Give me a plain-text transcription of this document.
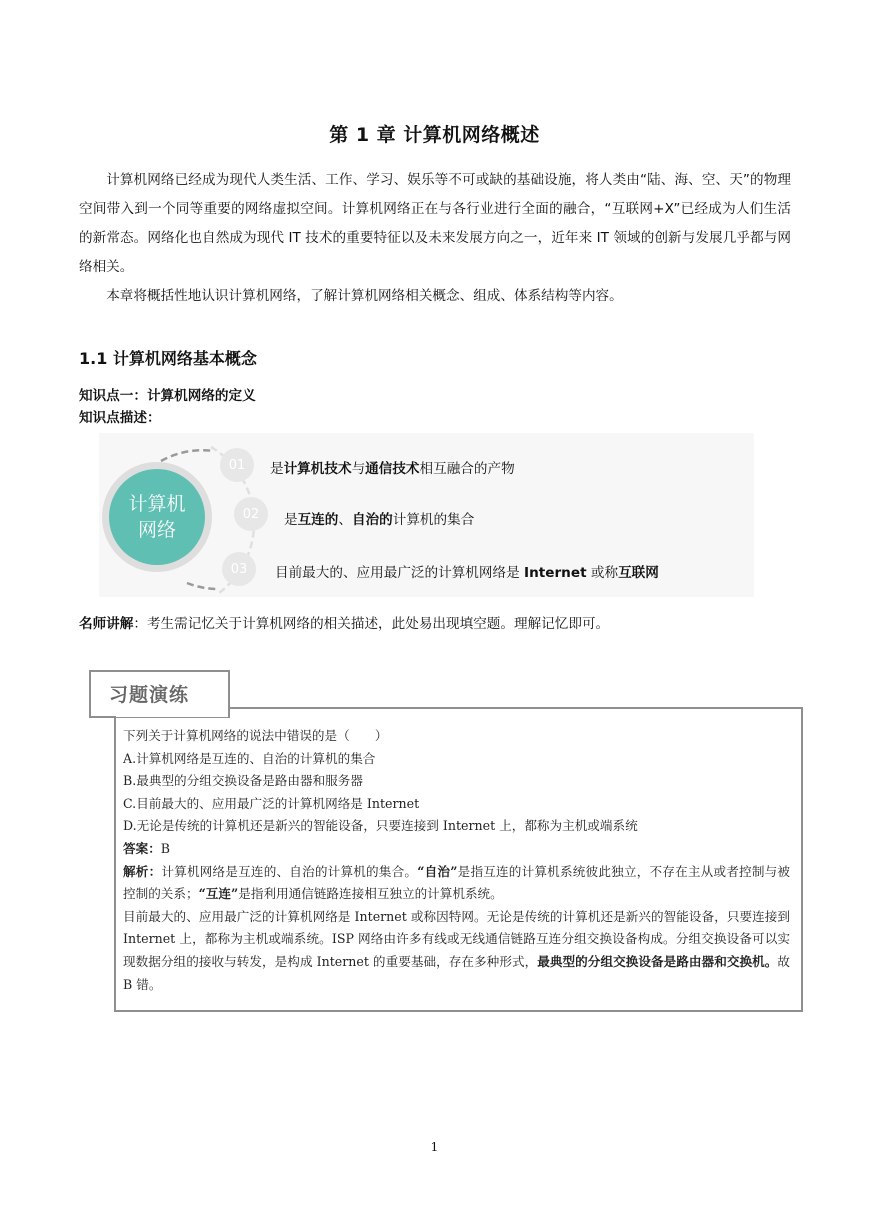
第 1 章 计算机网络概述

计算机网络已经成为现代人类生活、工作、学习、娱乐等不可或缺的基础设施，将人类由“陆、海、空、天”的物理空间带入到一个同等重要的网络虚拟空间。计算机网络正在与各行业进行全面的融合，“互联网+X”已经成为人们生活的新常态。网络化也自然成为现代 IT 技术的重要特征以及未来发展方向之一，近年来 IT 领域的创新与发展几乎都与网络相关。

本章将概括性地认识计算机网络，了解计算机网络相关概念、组成、体系结构等内容。

1.1 计算机网络基本概念
知识点一：计算机网络的定义
知识点描述：
计算机
网络
01	是计算机技术与通信技术相互融合的产物
02	是互连的、自治的计算机的集合
03	目前最大的、应用最广泛的计算机网络是 Internet 或称互联网
名师讲解：考生需记忆关于计算机网络的相关描述，此处易出现填空题。理解记忆即可。
习题演练

下列关于计算机网络的说法中错误的是（　　）

A.计算机网络是互连的、自治的计算机的集合

B.最典型的分组交换设备是路由器和服务器

C.目前最大的、应用最广泛的计算机网络是 Internet

D.无论是传统的计算机还是新兴的智能设备，只要连接到 Internet 上，都称为主机或端系统

答案：B

解析：计算机网络是互连的、自治的计算机的集合。“自治”是指互连的计算机系统彼此独立，不存在主从或者控制与被控制的关系；“互连”是指利用通信链路连接相互独立的计算机系统。

目前最大的、应用最广泛的计算机网络是 Internet 或称因特网。无论是传统的计算机还是新兴的智能设备，只要连接到 Internet 上，都称为主机或端系统。ISP 网络由许多有线或无线通信链路互连分组交换设备构成。分组交换设备可以实现数据分组的接收与转发，是构成 Internet 的重要基础，存在多种形式，最典型的分组交换设备是路由器和交换机。故 B 错。

1
